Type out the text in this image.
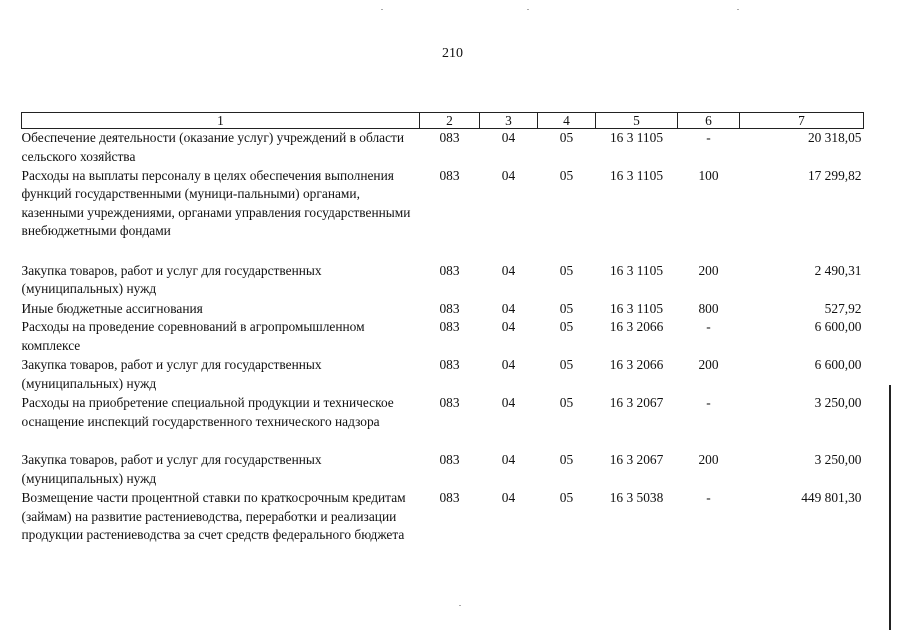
210
1	2	3	4	5	6	7
Обеспечение деятельности (оказание услуг) учреждений в области сельского хозяйства	083	04	05	16 3 1105	-	20 318,05
Расходы на выплаты персоналу в целях обеспечения выполнения функций государственными (муници-пальными) органами, казенными учреждениями, органами управления государственными внебюджетными фондами	083	04	05	16 3 1105	100	17 299,82

Закупка товаров, работ и услуг для государственных (муниципальных) нужд	083	04	05	16 3 1105	200	2 490,31
Иные бюджетные ассигнования	083	04	05	16 3 1105	800	527,92
Расходы на проведение соревнований в агропромышленном комплексе	083	04	05	16 3 2066	-	6 600,00
Закупка товаров, работ и услуг для государственных (муниципальных) нужд	083	04	05	16 3 2066	200	6 600,00
Расходы на приобретение специальной продукции и техническое оснащение инспекций государственного технического надзора	083	04	05	16 3 2067	-	3 250,00
Закупка товаров, работ и услуг для государственных (муниципальных) нужд	083	04	05	16 3 2067	200	3 250,00
Возмещение части процентной ставки по краткосрочным кредитам (займам) на развитие растениеводства, переработки и реализации продукции растениеводства за счет средств федерального бюджета	083	04	05	16 3 5038	-	449 801,30
